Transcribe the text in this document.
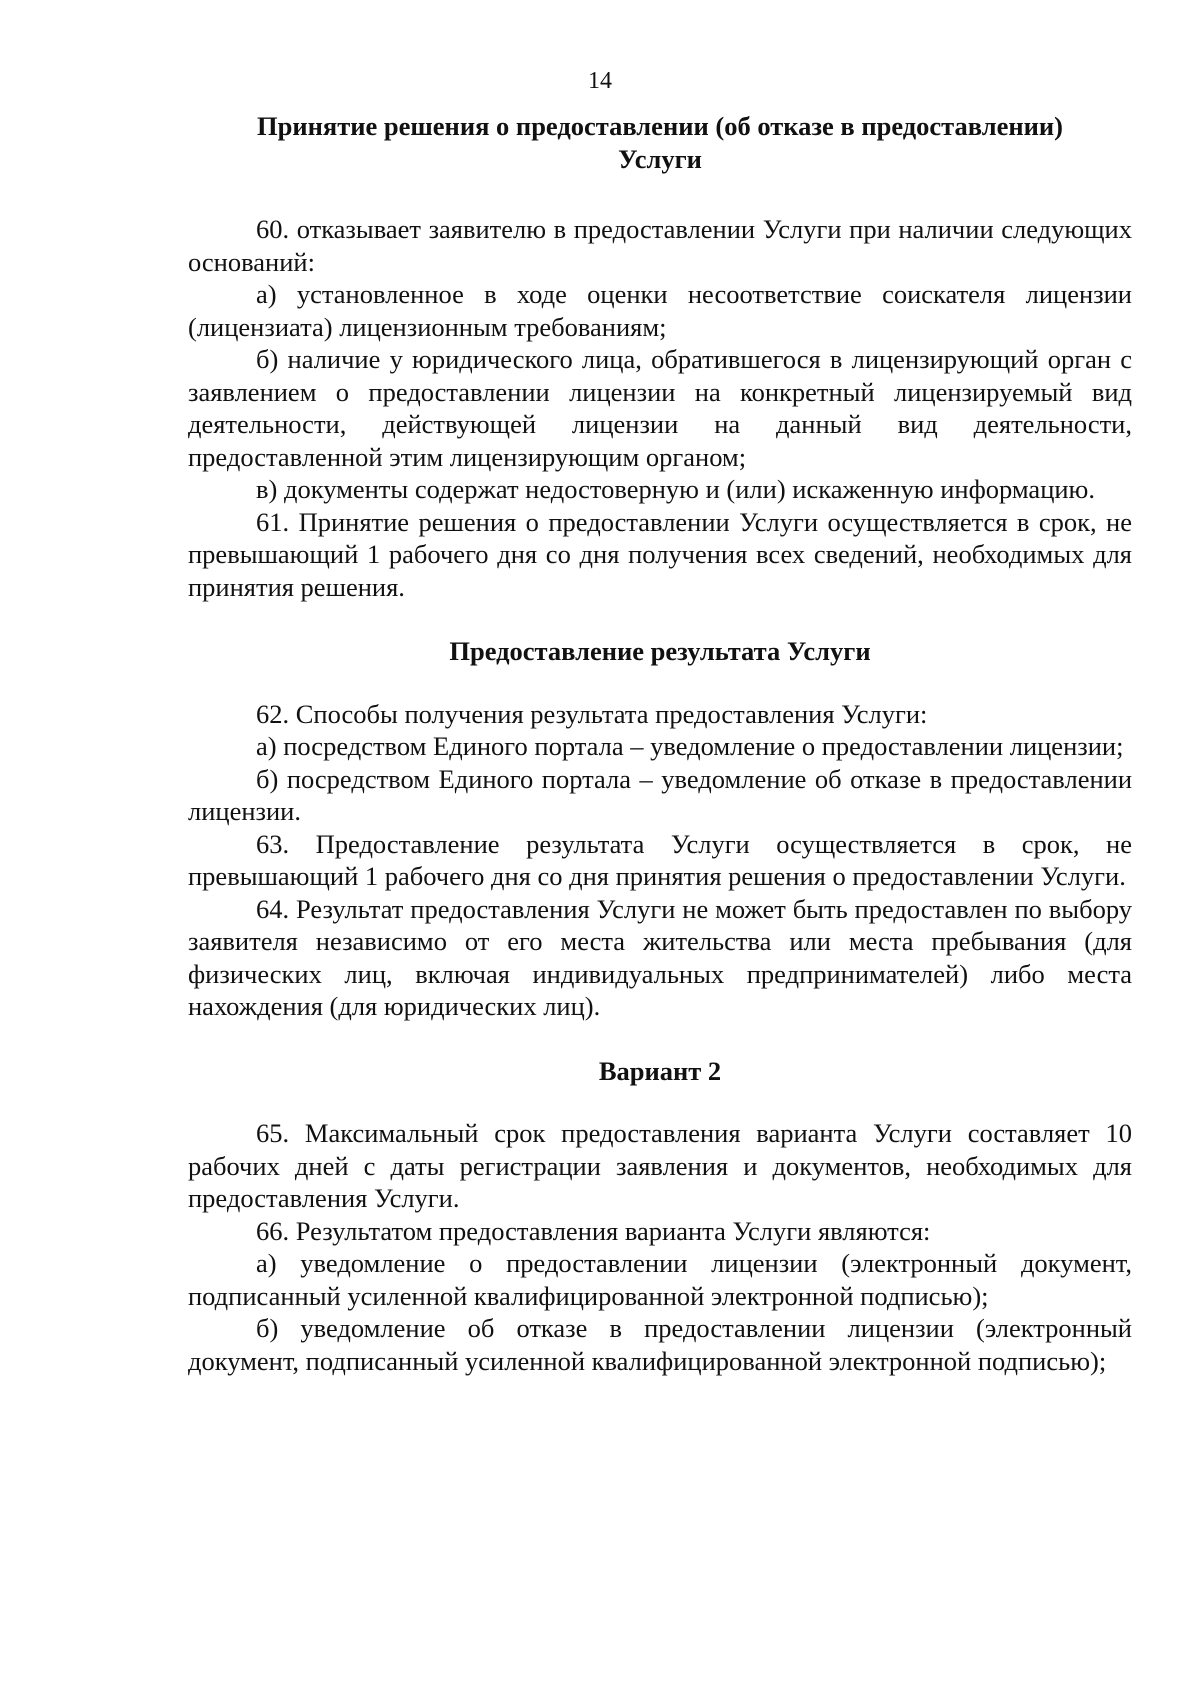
14
Принятие решения о предоставлении (об отказе в предоставлении)
Услуги

60. отказывает заявителю в предоставлении Услуги при наличии следующих оснований:

а) установленное в ходе оценки несоответствие соискателя лицензии (лицензиата) лицензионным требованиям;

б) наличие у юридического лица, обратившегося в лицензирующий орган с заявлением о предоставлении лицензии на конкретный лицензируемый вид деятельности, действующей лицензии на данный вид деятельности, предоставленной этим лицензирующим органом;

в) документы содержат недостоверную и (или) искаженную информацию.

61. Принятие решения о предоставлении Услуги осуществляется в срок, не превышающий 1 рабочего дня со дня получения всех сведений, необходимых для принятия решения.

Предоставление результата Услуги

62. Способы получения результата предоставления Услуги:

а) посредством Единого портала – уведомление о предоставлении лицензии;

б) посредством Единого портала – уведомление об отказе в предоставлении лицензии.

63. Предоставление результата Услуги осуществляется в срок, не превышающий 1 рабочего дня со дня принятия решения о предоставлении Услуги.

64. Результат предоставления Услуги не может быть предоставлен по выбору заявителя независимо от его места жительства или места пребывания (для физических лиц, включая индивидуальных предпринимателей) либо места нахождения (для юридических лиц).

Вариант 2

65. Максимальный срок предоставления варианта Услуги составляет 10 рабочих дней с даты регистрации заявления и документов, необходимых для предоставления Услуги.

66. Результатом предоставления варианта Услуги являются:

а) уведомление о предоставлении лицензии (электронный документ, подписанный усиленной квалифицированной электронной подписью);

б) уведомление об отказе в предоставлении лицензии (электронный документ, подписанный усиленной квалифицированной электронной подписью);
